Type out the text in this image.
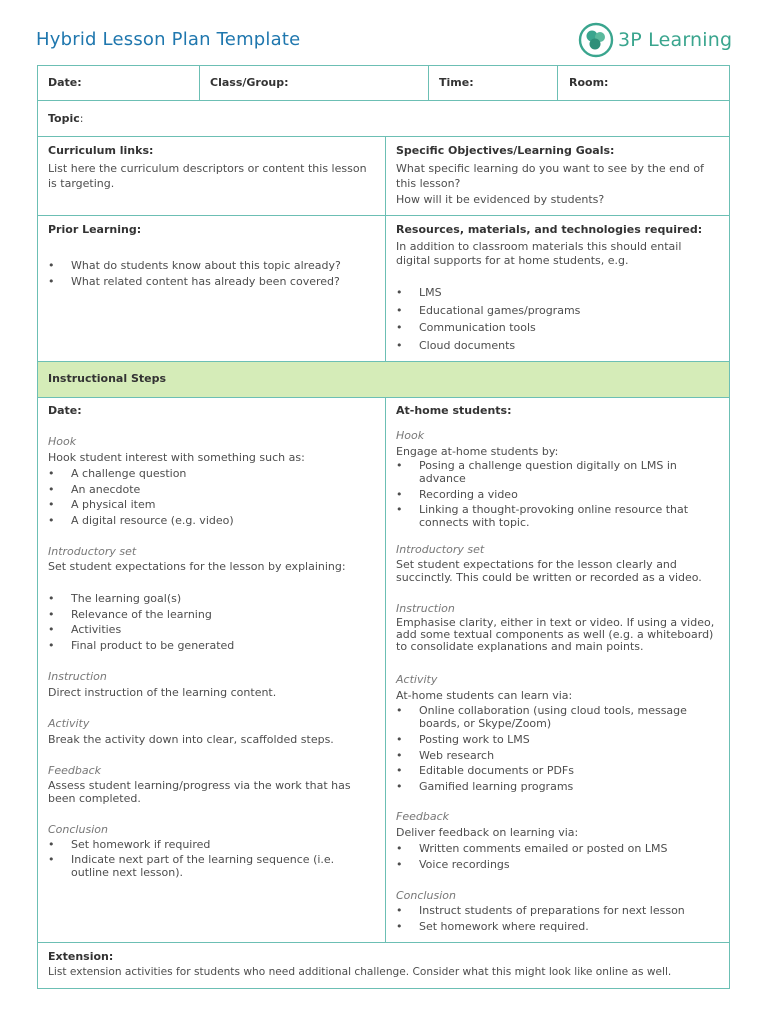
Hybrid Lesson Plan Template	3P Learning
Date:	Class/Group:	Time:	Room:
Topic:
Curriculum links:
List here the curriculum descriptors or content this lesson is targeting.
Specific Objectives/Learning Goals:
What specific learning do you want to see by the end of this lesson?
How will it be evidenced by students?
Prior Learning:
• What do students know about this topic already?
• What related content has already been covered?
Resources, materials, and technologies required:
In addition to classroom materials this should entail digital supports for at home students, e.g.
• LMS
• Educational games/programs
• Communication tools
• Cloud documents
Instructional Steps
Date:
Hook
Hook student interest with something such as:
• A challenge question
• An anecdote
• A physical item
• A digital resource (e.g. video)
Introductory set
Set student expectations for the lesson by explaining:
• The learning goal(s)
• Relevance of the learning
• Activities
• Final product to be generated
Instruction
Direct instruction of the learning content.
Activity
Break the activity down into clear, scaffolded steps.
Feedback
Assess student learning/progress via the work that has been completed.
Conclusion
• Set homework if required
• Indicate next part of the learning sequence (i.e. outline next lesson).
At-home students:
Hook
Engage at-home students by:
• Posing a challenge question digitally on LMS in advance
• Recording a video
• Linking a thought-provoking online resource that connects with topic.
Introductory set
Set student expectations for the lesson clearly and succinctly. This could be written or recorded as a video.
Instruction
Emphasise clarity, either in text or video. If using a video, add some textual components as well (e.g. a whiteboard) to consolidate explanations and main points.
Activity
At-home students can learn via:
• Online collaboration (using cloud tools, message boards, or Skype/Zoom)
• Posting work to LMS
• Web research
• Editable documents or PDFs
• Gamified learning programs
Feedback
Deliver feedback on learning via:
• Written comments emailed or posted on LMS
• Voice recordings
Conclusion
• Instruct students of preparations for next lesson
• Set homework where required.
Extension:
List extension activities for students who need additional challenge. Consider what this might look like online as well.
